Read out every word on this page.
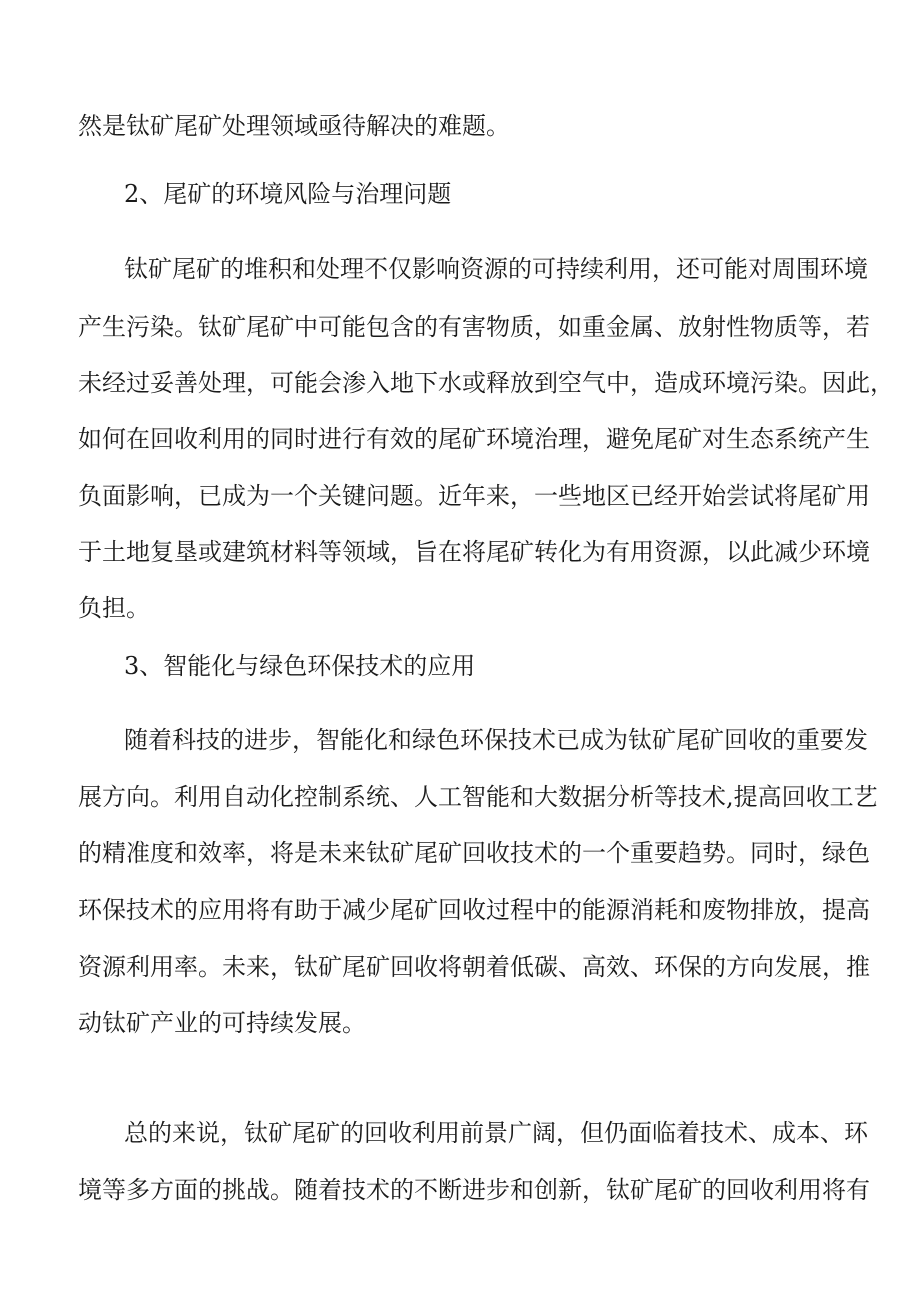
然是钛矿尾矿处理领域亟待解决的难题。
2、尾矿的环境风险与治理问题
钛矿尾矿的堆积和处理不仅影响资源的可持续利用，还可能对周围环境
产生污染。钛矿尾矿中可能包含的有害物质，如重金属、放射性物质等，若
未经过妥善处理，可能会渗入地下水或释放到空气中，造成环境污染。因此，
如何在回收利用的同时进行有效的尾矿环境治理，避免尾矿对生态系统产生
负面影响，已成为一个关键问题。近年来，一些地区已经开始尝试将尾矿用
于土地复垦或建筑材料等领域，旨在将尾矿转化为有用资源，以此减少环境
负担。
3、智能化与绿色环保技术的应用
随着科技的进步，智能化和绿色环保技术已成为钛矿尾矿回收的重要发
展方向。利用自动化控制系统、人工智能和大数据分析等技术,提高回收工艺
的精准度和效率，将是未来钛矿尾矿回收技术的一个重要趋势。同时，绿色
环保技术的应用将有助于减少尾矿回收过程中的能源消耗和废物排放，提高
资源利用率。未来，钛矿尾矿回收将朝着低碳、高效、环保的方向发展，推
动钛矿产业的可持续发展。
总的来说，钛矿尾矿的回收利用前景广阔，但仍面临着技术、成本、环
境等多方面的挑战。随着技术的不断进步和创新，钛矿尾矿的回收利用将有
